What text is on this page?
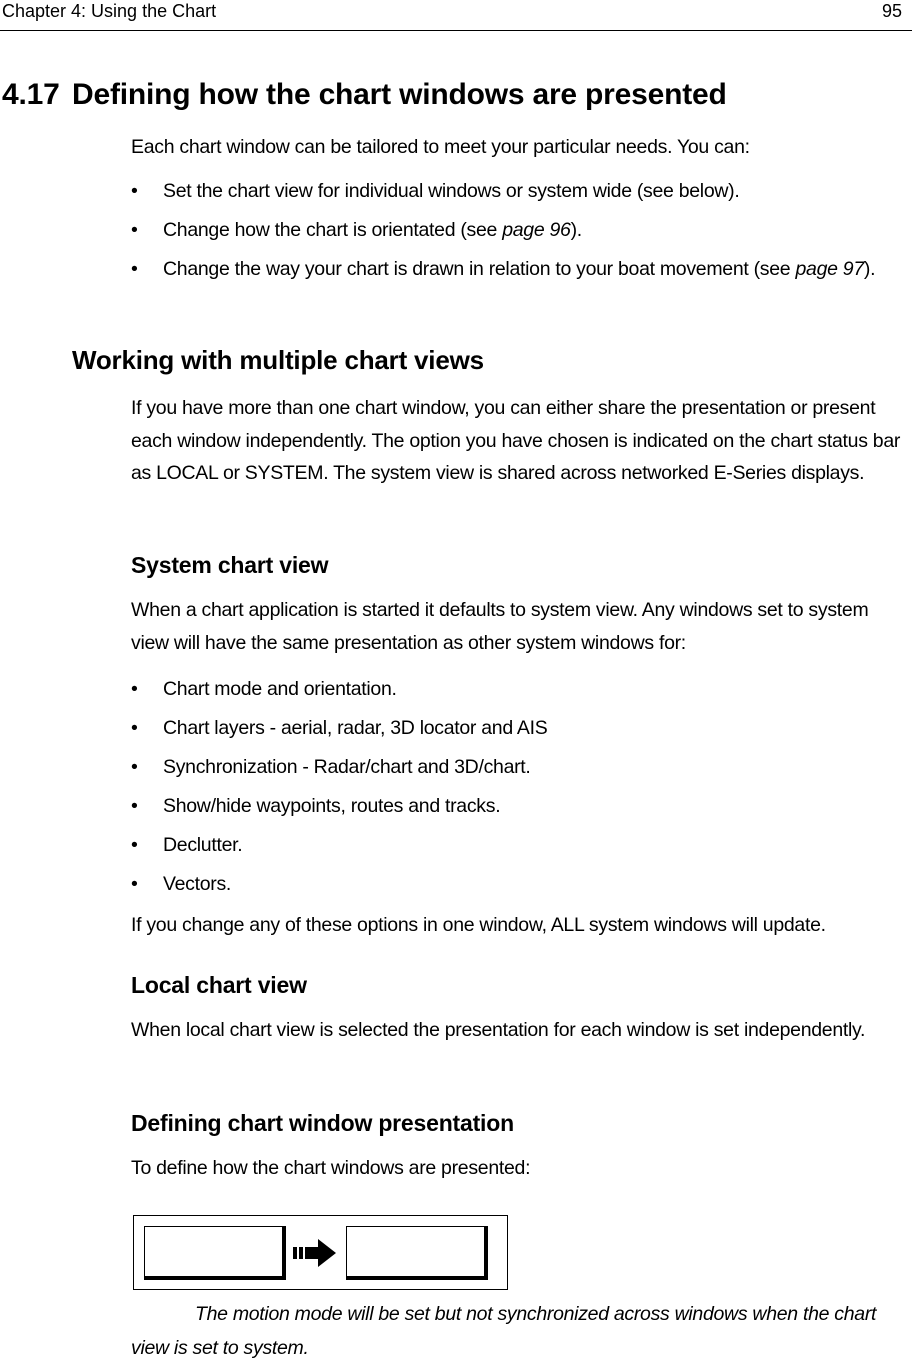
Chapter 4: Using the Chart	95
4.17 Defining how the chart windows are presented
Each chart window can be tailored to meet your particular needs. You can:
• Set the chart view for individual windows or system wide (see below).
• Change how the chart is orientated (see page 96).
• Change the way your chart is drawn in relation to your boat movement (see page 97).
Working with multiple chart views
If you have more than one chart window, you can either share the presentation or present each window independently. The option you have chosen is indicated on the chart status bar as LOCAL or SYSTEM. The system view is shared across networked E-Series displays.
System chart view
When a chart application is started it defaults to system view. Any windows set to system view will have the same presentation as other system windows for:
• Chart mode and orientation.
• Chart layers - aerial, radar, 3D locator and AIS
• Synchronization - Radar/chart and 3D/chart.
• Show/hide waypoints, routes and tracks.
• Declutter.
• Vectors.
If you change any of these options in one window, ALL system windows will update.
Local chart view
When local chart view is selected the presentation for each window is set independently.
Defining chart window presentation
To define how the chart windows are presented:
The motion mode will be set but not synchronized across windows when the chart view is set to system.
